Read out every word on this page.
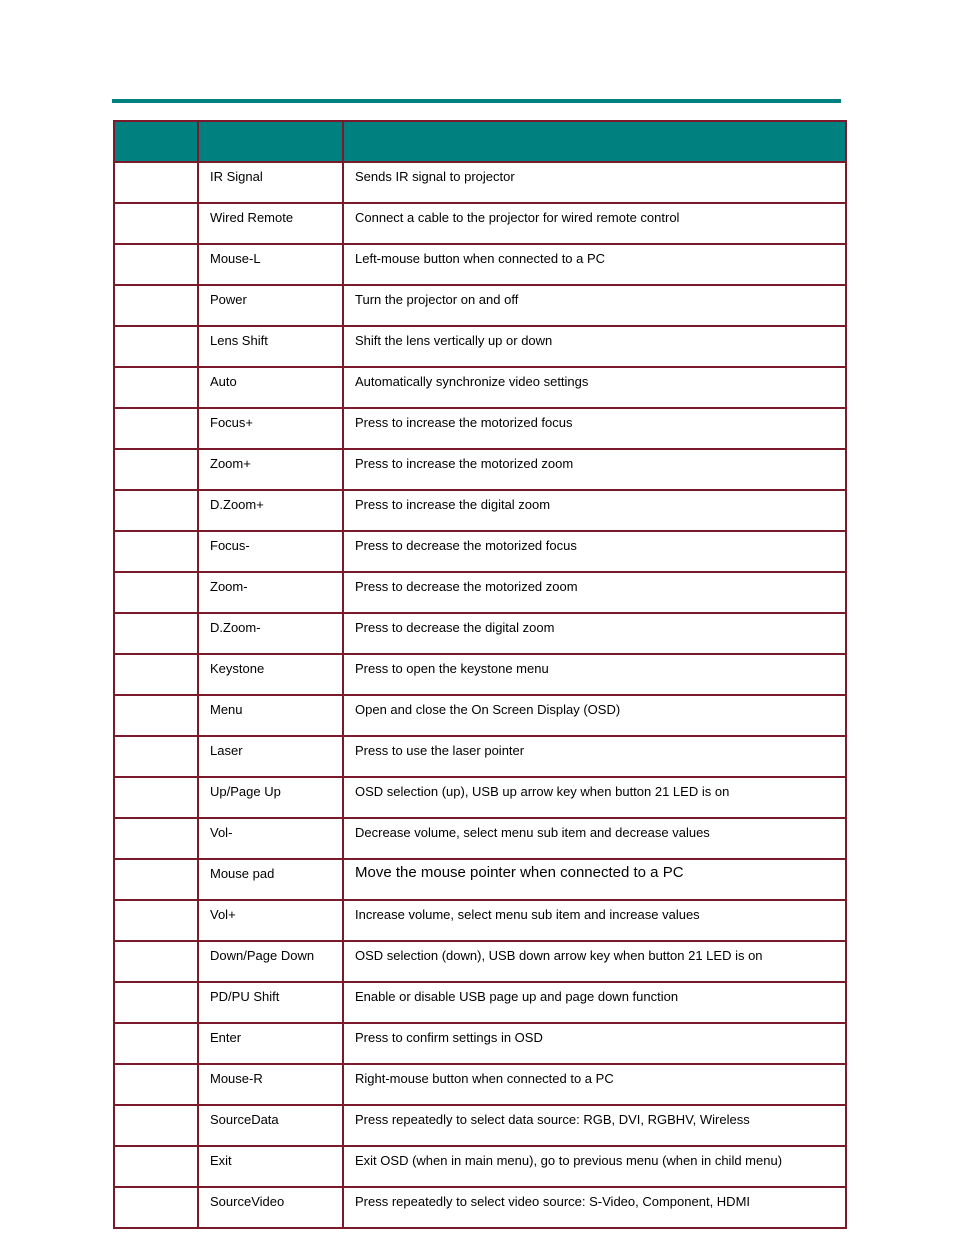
	IR Signal	Sends IR signal to projector
	Wired Remote	Connect a cable to the projector for wired remote control
	Mouse-L	Left-mouse button when connected to a PC
	Power	Turn the projector on and off
	Lens Shift	Shift the lens vertically up or down
	Auto	Automatically synchronize video settings
	Focus+	Press to increase the motorized focus
	Zoom+	Press to increase the motorized zoom
	D.Zoom+	Press to increase the digital zoom
	Focus-	Press to decrease the motorized focus
	Zoom-	Press to decrease the motorized zoom
	D.Zoom-	Press to decrease the digital zoom
	Keystone	Press to open the keystone menu
	Menu	Open and close the On Screen Display (OSD)
	Laser	Press to use the laser pointer
	Up/Page Up	OSD selection (up), USB up arrow key when button 21 LED is on
	Vol-	Decrease volume, select menu sub item and decrease values
	Mouse pad	Move the mouse pointer when connected to a PC
	Vol+	Increase volume, select menu sub item and increase values
	Down/Page Down	OSD selection (down), USB down arrow key when button 21 LED is on
	PD/PU Shift	Enable or disable USB page up and page down function
	Enter	Press to confirm settings in OSD
	Mouse-R	Right-mouse button when connected to a PC
	SourceData	Press repeatedly to select data source: RGB, DVI, RGBHV, Wireless
	Exit	Exit OSD (when in main menu), go to previous menu (when in child menu)
	SourceVideo	Press repeatedly to select video source: S-Video, Component, HDMI
